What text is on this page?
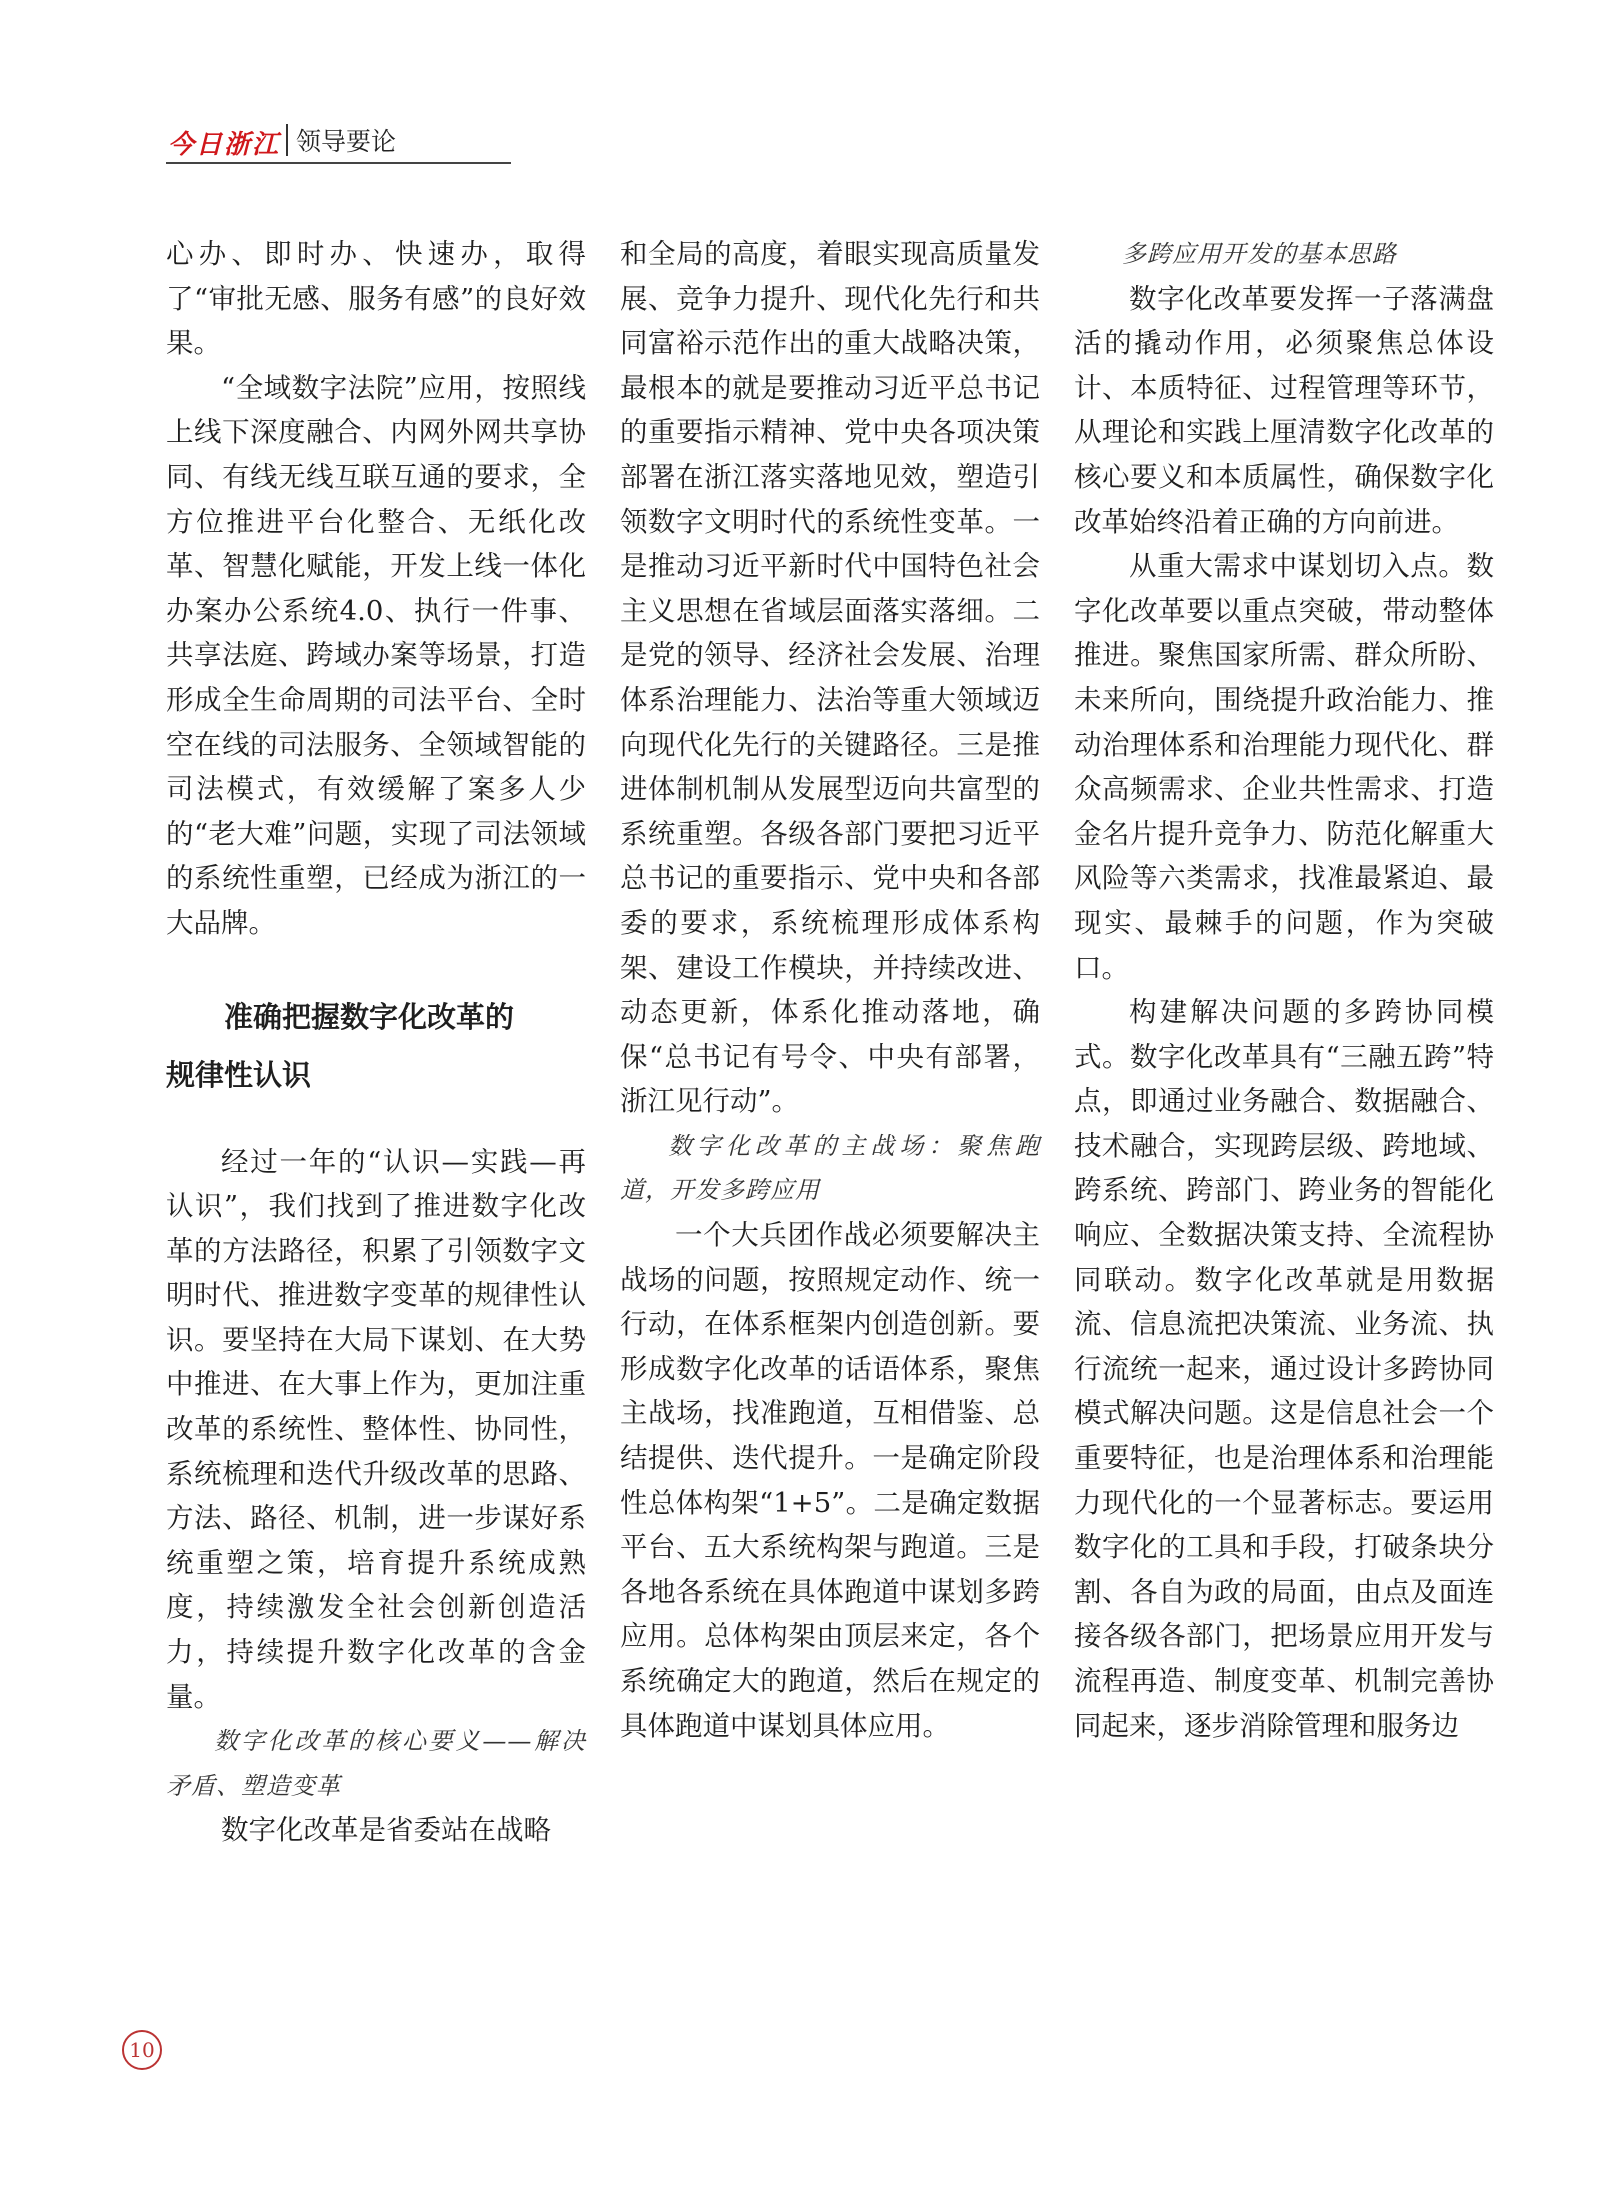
今日浙江 领导要论

心办、即时办、快速办，取得了“审批无感、服务有感”的良好效果。

“全域数字法院”应用，按照线上线下深度融合、内网外网共享协同、有线无线互联互通的要求，全方位推进平台化整合、无纸化改革、智慧化赋能，开发上线一体化办案办公系统4.0、执行一件事、共享法庭、跨域办案等场景，打造形成全生命周期的司法平台、全时空在线的司法服务、全领域智能的司法模式，有效缓解了案多人少的“老大难”问题，实现了司法领域的系统性重塑，已经成为浙江的一大品牌。

准确把握数字化改革的
规律性认识

经过一年的“认识—实践—再认识”，我们找到了推进数字化改革的方法路径，积累了引领数字文明时代、推进数字变革的规律性认识。要坚持在大局下谋划、在大势中推进、在大事上作为，更加注重改革的系统性、整体性、协同性，系统梳理和迭代升级改革的思路、方法、路径、机制，进一步谋好系统重塑之策，培育提升系统成熟度，持续激发全社会创新创造活力，持续提升数字化改革的含金量。

数字化改革的核心要义——解决矛盾、塑造变革

数字化改革是省委站在战略

和全局的高度，着眼实现高质量发展、竞争力提升、现代化先行和共同富裕示范作出的重大战略决策，最根本的就是要推动习近平总书记的重要指示精神、党中央各项决策部署在浙江落实落地见效，塑造引领数字文明时代的系统性变革。一是推动习近平新时代中国特色社会主义思想在省域层面落实落细。二是党的领导、经济社会发展、治理体系治理能力、法治等重大领域迈向现代化先行的关键路径。三是推进体制机制从发展型迈向共富型的系统重塑。各级各部门要把习近平总书记的重要指示、党中央和各部委的要求，系统梳理形成体系构架、建设工作模块，并持续改进、动态更新，体系化推动落地，确保“总书记有号令、中央有部署，浙江见行动”。

数字化改革的主战场：聚焦跑道，开发多跨应用

一个大兵团作战必须要解决主战场的问题，按照规定动作、统一行动，在体系框架内创造创新。要形成数字化改革的话语体系，聚焦主战场，找准跑道，互相借鉴、总结提供、迭代提升。一是确定阶段性总体构架“1+5”。二是确定数据平台、五大系统构架与跑道。三是各地各系统在具体跑道中谋划多跨应用。总体构架由顶层来定，各个系统确定大的跑道，然后在规定的具体跑道中谋划具体应用。

多跨应用开发的基本思路

数字化改革要发挥一子落满盘活的撬动作用，必须聚焦总体设计、本质特征、过程管理等环节，从理论和实践上厘清数字化改革的核心要义和本质属性，确保数字化改革始终沿着正确的方向前进。

从重大需求中谋划切入点。数字化改革要以重点突破，带动整体推进。聚焦国家所需、群众所盼、未来所向，围绕提升政治能力、推动治理体系和治理能力现代化、群众高频需求、企业共性需求、打造金名片提升竞争力、防范化解重大风险等六类需求，找准最紧迫、最现实、最棘手的问题，作为突破口。

构建解决问题的多跨协同模式。数字化改革具有“三融五跨”特点，即通过业务融合、数据融合、技术融合，实现跨层级、跨地域、跨系统、跨部门、跨业务的智能化响应、全数据决策支持、全流程协同联动。数字化改革就是用数据流、信息流把决策流、业务流、执行流统一起来，通过设计多跨协同模式解决问题。这是信息社会一个重要特征，也是治理体系和治理能力现代化的一个显著标志。要运用数字化的工具和手段，打破条块分割、各自为政的局面，由点及面连接各级各部门，把场景应用开发与流程再造、制度变革、机制完善协同起来，逐步消除管理和服务边

10
